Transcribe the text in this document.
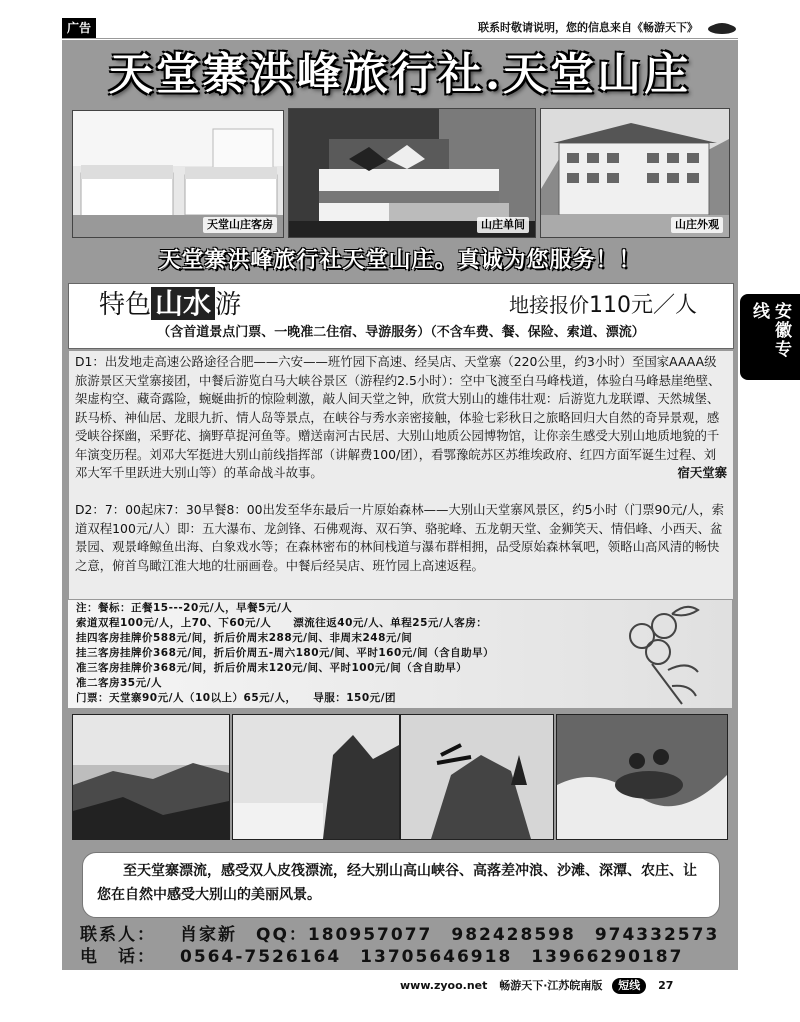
广告	联系时敬请说明，您的信息来自《畅游天下》
安徽专线
天堂寨洪峰旅行社.天堂山庄
天堂山庄客房	山庄单间	山庄外观
天堂寨洪峰旅行社天堂山庄。真诚为您服务！！
特色 山水 游	地接报价110元／人
（含首道景点门票、一晚准二住宿、导游服务）（不含车费、餐、保险、索道、漂流）
D1：出发地走高速公路途径合肥——六安——班竹园下高速、经吴店、天堂寨（220公里，约3小时）至国家AAAA级旅游景区天堂寨接团，中餐后游览白马大峡谷景区（游程约2.5小时）：空中飞渡至白马峰栈道，体验白马峰悬崖绝壁、架虚构空、藏奇露险，蜿蜒曲折的惊险刺激，敲人间天堂之钟，欣赏大别山的雄伟壮观：后游览九龙联谭、天然城堡、跃马桥、神仙居、龙眼九折、情人岛等景点，在峡谷与秀水亲密接触，体验七彩秋日之旅略回归大自然的奇异景观，感受峡谷探幽，采野花、摘野草捉河鱼等。赠送南河古民居、大别山地质公园博物馆，让你亲生感受大别山地质地貌的千年演变历程。刘邓大军挺进大别山前线指挥部（讲解费100/团），看鄂豫皖苏区苏维埃政府、红四方面军诞生过程、刘邓大军千里跃进大别山等）的革命战斗故事。	宿天堂寨
D2：7：00起床7：30早餐8：00出发至华东最后一片原始森林——大别山天堂寨风景区，约5小时（门票90元/人，索道双程100元/人）即：五大瀑布、龙剑锋、石佛观海、双石笋、骆驼峰、五龙朝天堂、金狮笑天、情侣峰、小西天、盆景园、观景峰鲸鱼出海、白象戏水等；在森林密布的林间栈道与瀑布群相拥，品受原始森林氧吧，领略山高风清的畅快之意，俯首鸟瞰江淮大地的壮丽画卷。中餐后经吴店、班竹园上高速返程。
注：餐标：正餐15---20元/人，早餐5元/人
索道双程100元/人，上70、下60元/人　　漂流往返40元/人、单程25元/人客房：
挂四客房挂牌价588元/间，折后价周末288元/间、非周末248元/间
挂三客房挂牌价368元/间，折后价周五-周六180元/间、平时160元/间（含自助早）
准三客房挂牌价368元/间，折后价周末120元/间、平时100元/间（含自助早）
准二客房35元/人
门票：天堂寨90元/人（10以上）65元/人，　　导服：150元/团
至天堂寨漂流，感受双人皮筏漂流，经大别山高山峡谷、高落差冲浪、沙滩、深潭、农庄、让您在自然中感受大别山的美丽风景。
联系人： 肖家新　QQ：180957077　982428598　974332573
电　话： 0564-7526164　13705646918　13966290187
www.zyoo.net 畅游天下·江苏皖南版 短线 27
